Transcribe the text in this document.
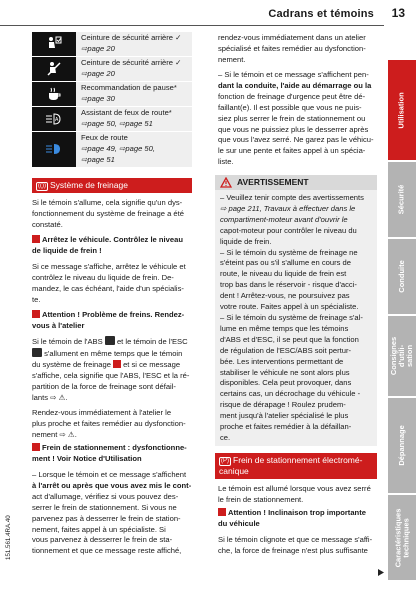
Cadrans et témoins 13

Ceinture de sécurité arrière ✓
⇨page 20

Ceinture de sécurité arrière ✓
⇨page 20

Recommandation de pause*
⇨page 30

A	Assistant de feux de route*
⇨page 50, ⇨page 51

Feux de route
⇨page 49, ⇨page 50,
⇨page 51
(()) Système de freinage
Si le témoin s'allume, cela signifie qu'un dys-
fonctionnement du système de freinage a été
constaté.
Arrêtez le véhicule. Contrôlez le niveau
de liquide de frein !
Si ce message s'affiche, arrêtez le véhicule et
contrôlez le niveau du liquide de frein. De-
mandez, le cas échéant, l'aide d'un spécialis-
te.
Attention ! Problème de freins. Rendez-
vous à l'atelier
Si le témoin de l'ABS et le témoin de l'ESC
s'allument en même temps que le témoin
du système de freinage et si ce message
s'affiche, cela signifie que l'ABS, l'ESC et la ré-
partition de la force de freinage sont défail-
lants ⇨ ⚠.
Rendez-vous immédiatement à l'atelier le
plus proche et faites remédier au dysfonction-
nement ⇨ ⚠.
Frein de stationnement : dysfonctionne-
ment ! Voir Notice d'Utilisation
– Lorsque le témoin et ce message s'affichent
à l'arrêt ou après que vous avez mis le cont-
act d'allumage, vérifiez si vous pouvez des-
serrer le frein de stationnement. Si vous ne
parvenez pas à desserrer le frein de station-
nement, faites appel à un spécialiste. Si
vous parvenez à desserrer le frein de sta-
tionnement et que ce message reste affiché,
rendez-vous immédiatement dans un atelier
spécialisé et faites remédier au dysfonction-
nement.
– Si le témoin et ce message s'affichent pen-
dant la conduite, l'aide au démarrage ou la
fonction de freinage d'urgence peut être dé-
faillant(e). Il est possible que vous ne puis-
siez plus serrer le frein de stationnement ou
que vous ne puissiez plus le desserrer après
que vous l'avez serré. Ne garez pas le véhicu-
le sur une pente et faites appel à un spécia-
liste.
AVERTISSEMENT
– Veuillez tenir compte des avertissements
⇨ page 211, Travaux à effectuer dans le
compartiment-moteur avant d'ouvrir le
capot-moteur pour contrôler le niveau du
liquide de frein.
– Si le témoin du système de freinage ne
s'éteint pas ou s'il s'allume en cours de
route, le niveau du liquide de frein est
trop bas dans le réservoir - risque d'acci-
dent ! Arrêtez-vous, ne poursuivez pas
votre route. Faites appel à un spécialiste.
– Si le témoin du système de freinage s'al-
lume en même temps que les témoins
d'ABS et d'ESC, il se peut que la fonction
de régulation de l'ESC/ABS soit pertur-
bée. Les interventions permettant de
stabiliser le véhicule ne sont alors plus
disponibles. Cela peut provoquer, dans
certains cas, un décrochage du véhicule -
risque de dérapage ! Roulez prudem-
ment jusqu'à l'atelier spécialisé le plus
proche et faites remédier à la défaillan-
ce.
(P) Frein de stationnement électromé-
canique
Le témoin est allumé lorsque vous avez serré
le frein de stationnement.
Attention ! Inclinaison trop importante
du véhicule
Si le témoin clignote et que ce message s'affi-
che, la force de freinage n'est plus suffisante
Utilisation
Sécurité
Conduite
Consignes d'utili-sation
Dépannage
Caractéristiques techniques
151.561.4RA.40
